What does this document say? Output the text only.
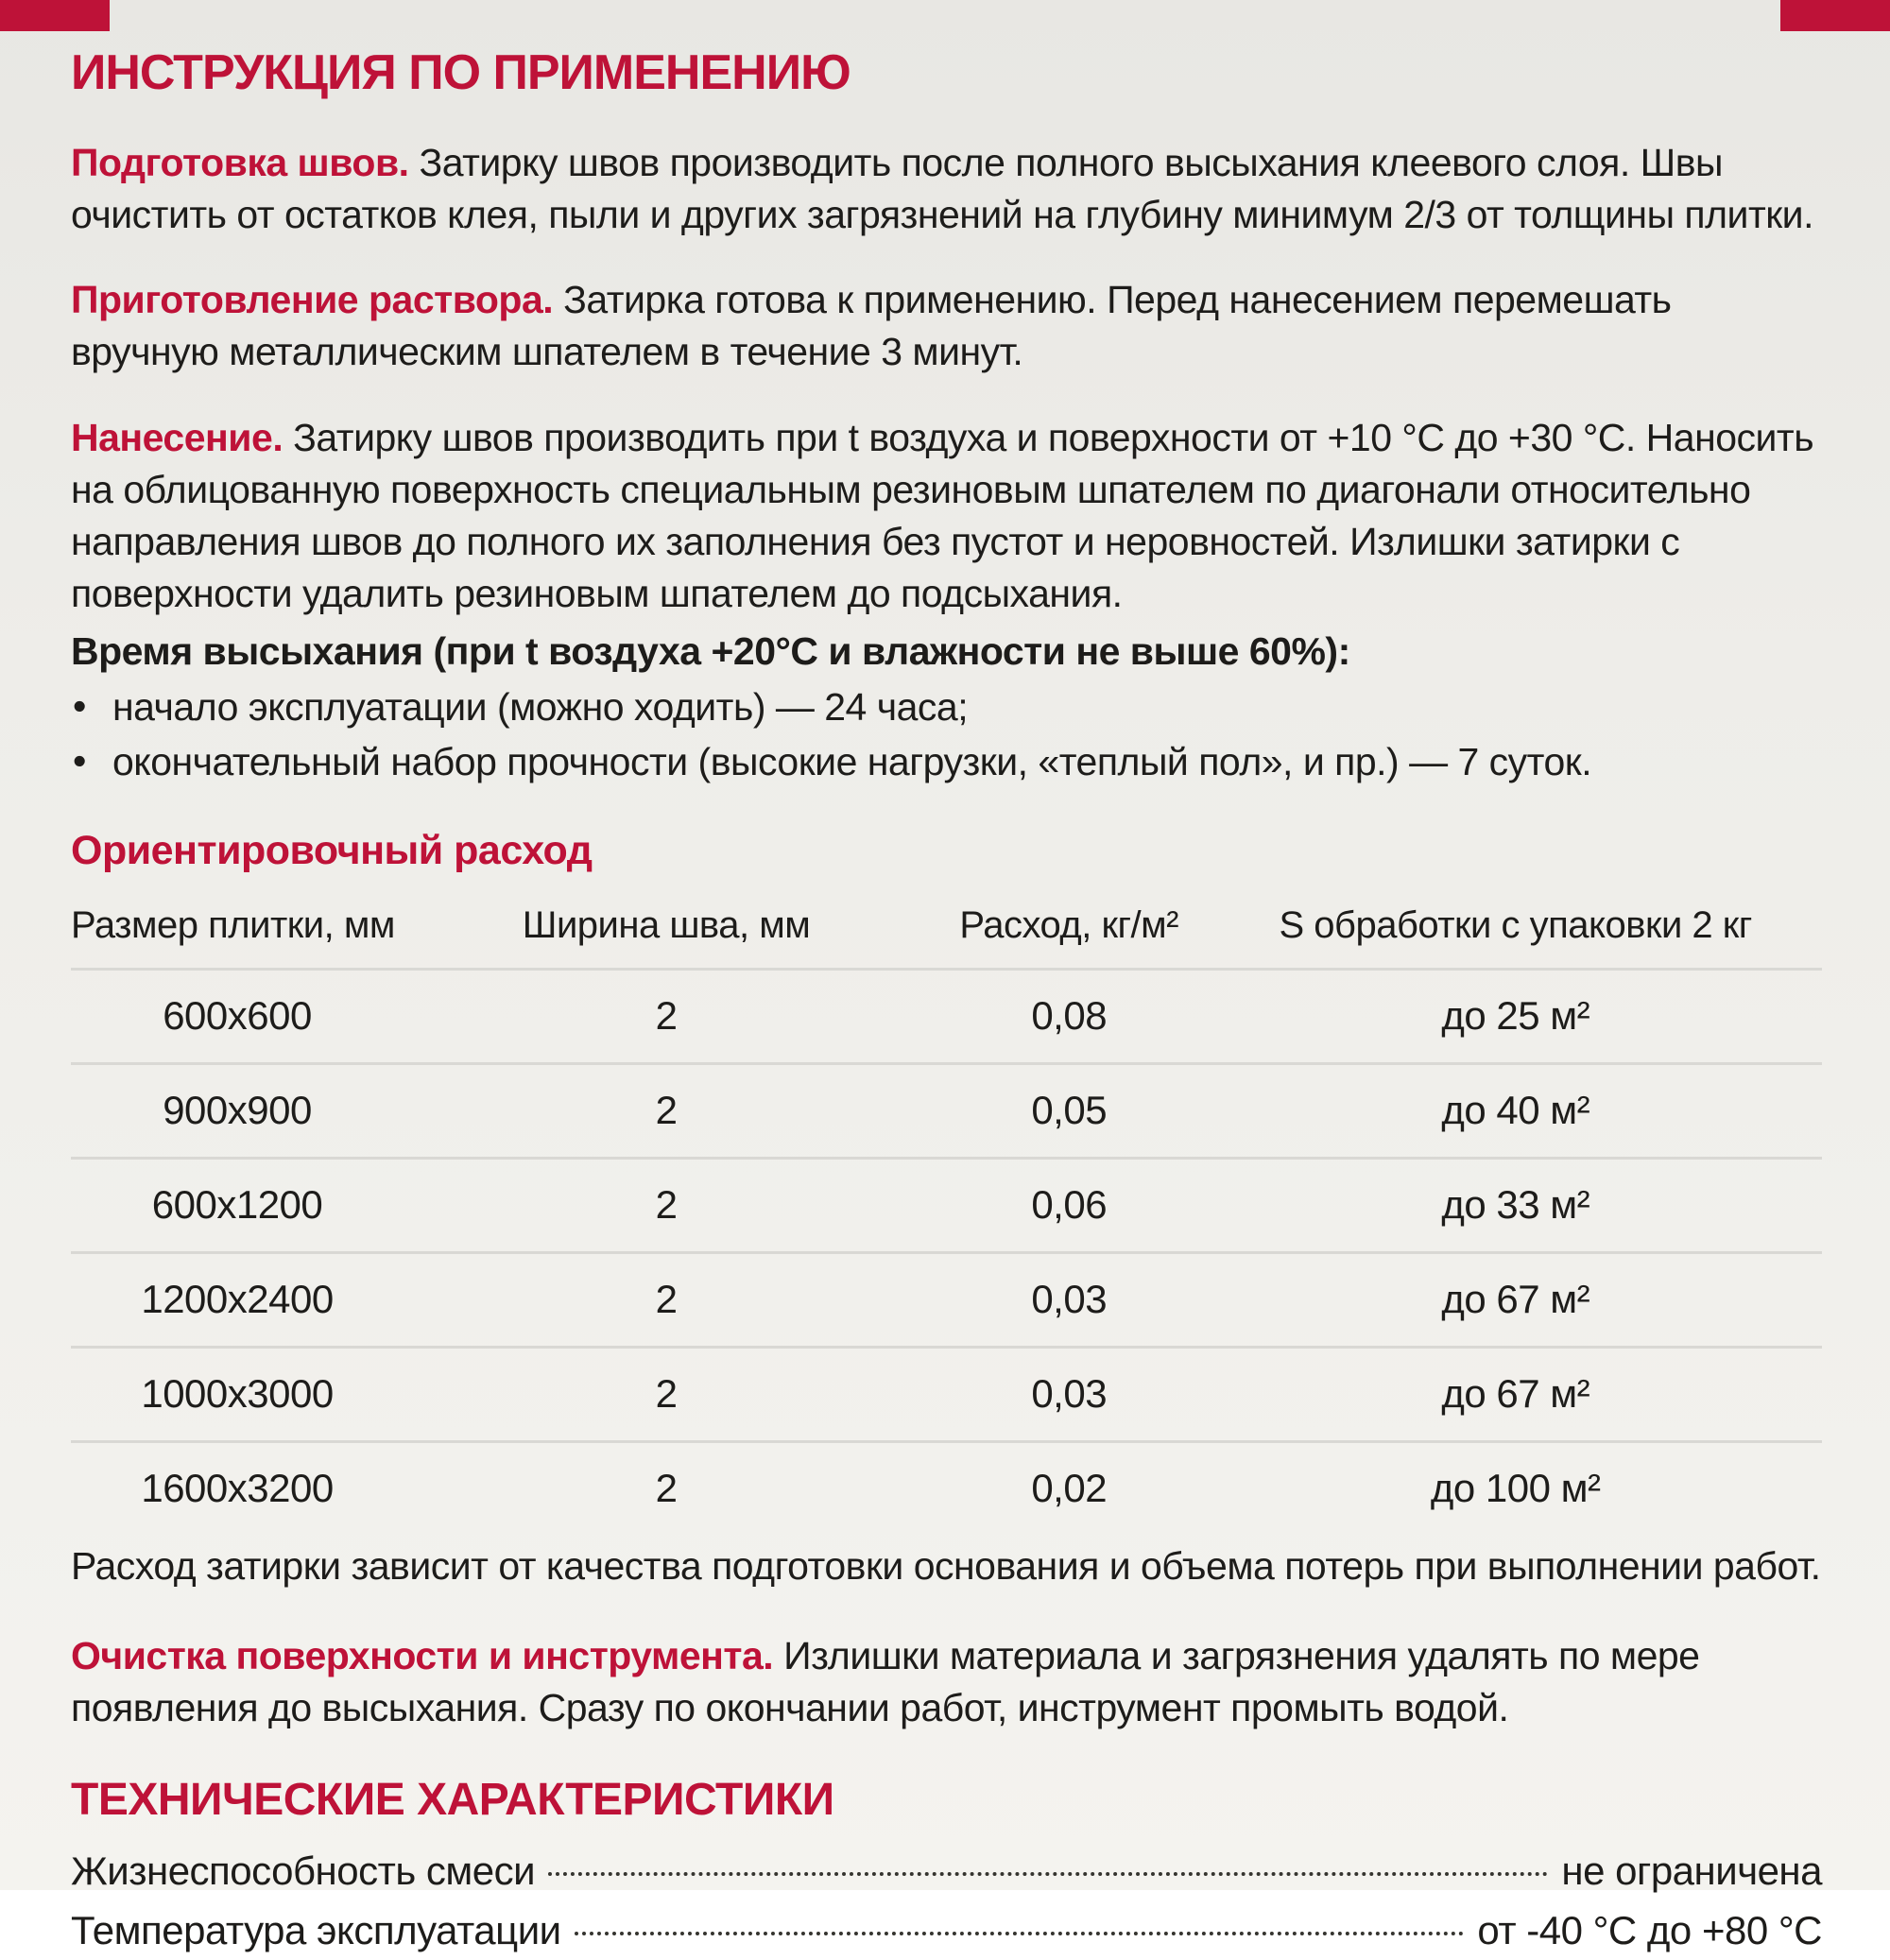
ИНСТРУКЦИЯ ПО ПРИМЕНЕНИЮ

Подготовка швов. Затирку швов производить после полного высыхания клеевого слоя. Швы очистить от остатков клея, пыли и других загрязнений на глубину минимум 2/3 от толщины плитки.

Приготовление раствора. Затирка готова к применению. Перед нанесением перемешать вручную металлическим шпателем в течение 3 минут.

Нанесение. Затирку швов производить при t воздуха и поверхности от +10 °С до +30 °С. Наносить на облицованную поверхность специальным резиновым шпателем по диагонали относительно направления швов до полного их заполнения без пустот и неровностей. Излишки затирки с поверхности удалить резиновым шпателем до подсыхания.

Время высыхания (при t воздуха +20°С и влажности не выше 60%):

• начало эксплуатации (можно ходить) — 24 часа;
• окончательный набор прочности (высокие нагрузки, «теплый пол», и пр.) — 7 суток.

Ориентировочный расход

Размер плитки, мм	Ширина шва, мм	Расход, кг/м²	S обработки с упаковки 2 кг
600х600	2	0,08	до 25 м²
900х900	2	0,05	до 40 м²
600х1200	2	0,06	до 33 м²
1200х2400	2	0,03	до 67 м²
1000х3000	2	0,03	до 67 м²
1600х3200	2	0,02	до 100 м²

Расход затирки зависит от качества подготовки основания и объема потерь при выполнении работ.

Очистка поверхности и инструмента. Излишки материала и загрязнения удалять по мере появления до высыхания. Сразу по окончании работ, инструмент промыть водой.

ТЕХНИЧЕСКИЕ ХАРАКТЕРИСТИКИ

Жизнеспособность смеси	не ограничена
Температура эксплуатации	от -40 °С до +80 °С
